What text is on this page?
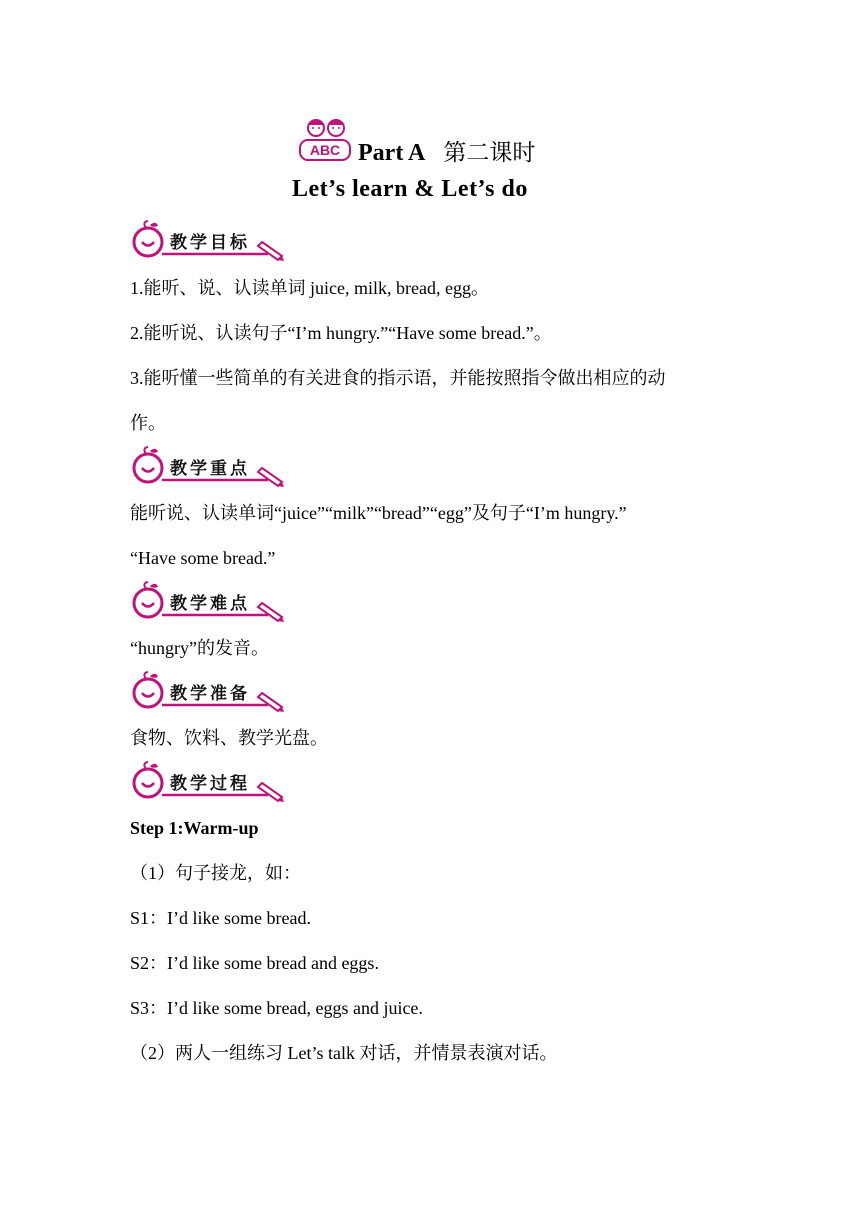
ABC Part A 第二课时
Let’s learn & Let’s do
教学目标
1.能听、说、认读单词 juice, milk, bread, egg。
2.能听说、认读句子“I’m hungry.”“Have some bread.”。
3.能听懂一些简单的有关进食的指示语，并能按照指令做出相应的动
作。
教学重点
能听说、认读单词“juice”“milk”“bread”“egg”及句子“I’m hungry.”
“Have some bread.”
教学难点
“hungry”的发音。
教学准备
食物、饮料、教学光盘。
教学过程
Step 1:Warm-up
（1）句子接龙，如：
S1：I’d like some bread.
S2：I’d like some bread and eggs.
S3：I’d like some bread, eggs and juice.
（2）两人一组练习 Let’s talk 对话，并情景表演对话。
